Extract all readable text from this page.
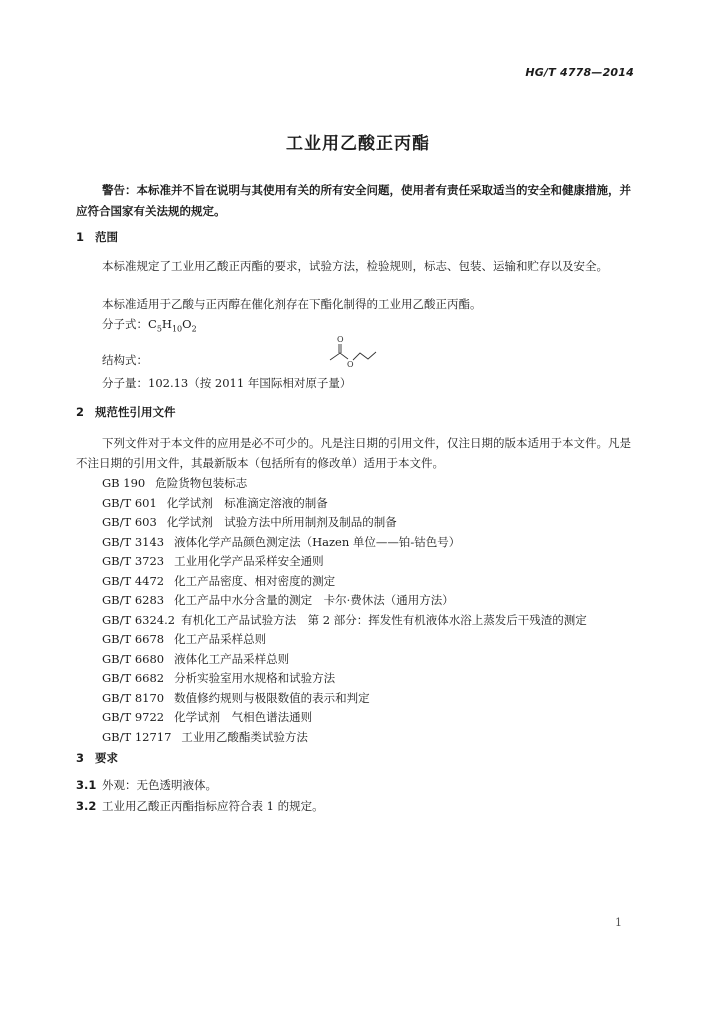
HG/T 4778—2014
工业用乙酸正丙酯
警告：本标准并不旨在说明与其使用有关的所有安全问题，使用者有责任采取适当的安全和健康措施，并应符合国家有关法规的规定。
1 范围
本标准规定了工业用乙酸正丙酯的要求，试验方法，检验规则，标志、包装、运输和贮存以及安全。
本标准适用于乙酸与正丙醇在催化剂存在下酯化制得的工业用乙酸正丙酯。
分子式：$C_5H_{10}O_2$
结构式：
O
O
分子量：102.13（按 2011 年国际相对原子量）
2 规范性引用文件
下列文件对于本文件的应用是必不可少的。凡是注日期的引用文件，仅注日期的版本适用于本文件。凡是不注日期的引用文件，其最新版本（包括所有的修改单）适用于本文件。
GB 190 危险货物包装标志
GB/T 601 化学试剂　标准滴定溶液的制备
GB/T 603 化学试剂　试验方法中所用制剂及制品的制备
GB/T 3143 液体化学产品颜色测定法（Hazen 单位——铂-钴色号）
GB/T 3723 工业用化学产品采样安全通则
GB/T 4472 化工产品密度、相对密度的测定
GB/T 6283 化工产品中水分含量的测定　卡尔·费休法（通用方法）
GB/T 6324.2 有机化工产品试验方法　第 2 部分：挥发性有机液体水浴上蒸发后干残渣的测定
GB/T 6678 化工产品采样总则
GB/T 6680 液体化工产品采样总则
GB/T 6682 分析实验室用水规格和试验方法
GB/T 8170 数值修约规则与极限数值的表示和判定
GB/T 9722 化学试剂　气相色谱法通则
GB/T 12717 工业用乙酸酯类试验方法
3 要求
3.1 外观：无色透明液体。
3.2 工业用乙酸正丙酯指标应符合表 1 的规定。
1
